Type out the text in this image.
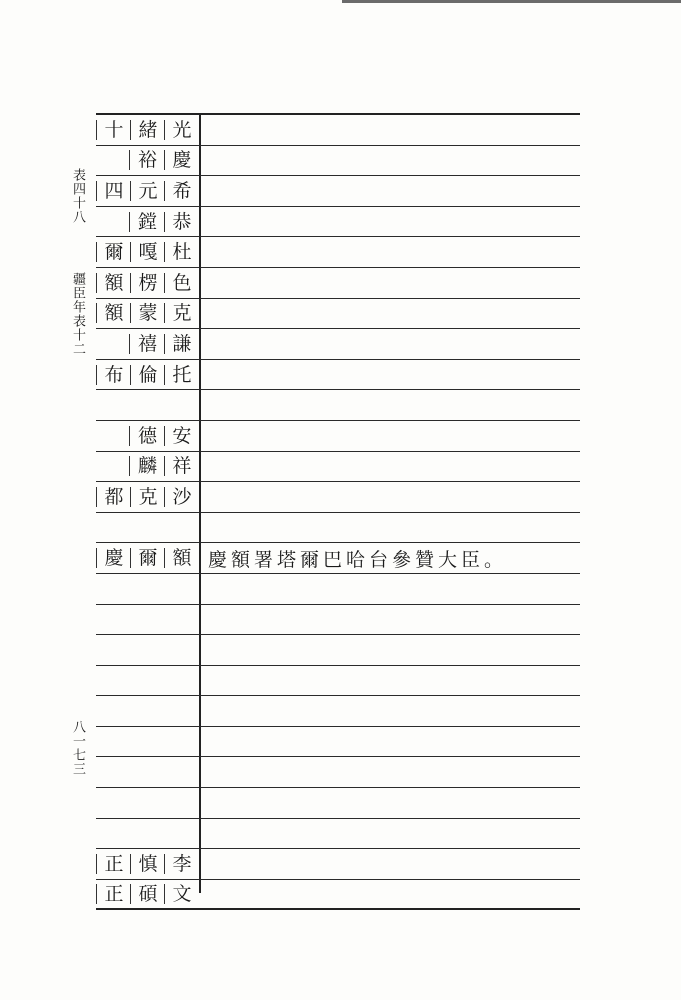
表四十八
疆臣年表十二
八一七三
光
緒
十
慶
裕
希
元
四
恭
鏜
杜
嘎
爾
色
楞
額
克
蒙
額
謙
禧
托
倫
布
安
德
祥
麟
沙
克
都
額
爾
慶	慶額署塔爾巴哈台參贊大臣。
李
慎
正
文
碩
正
